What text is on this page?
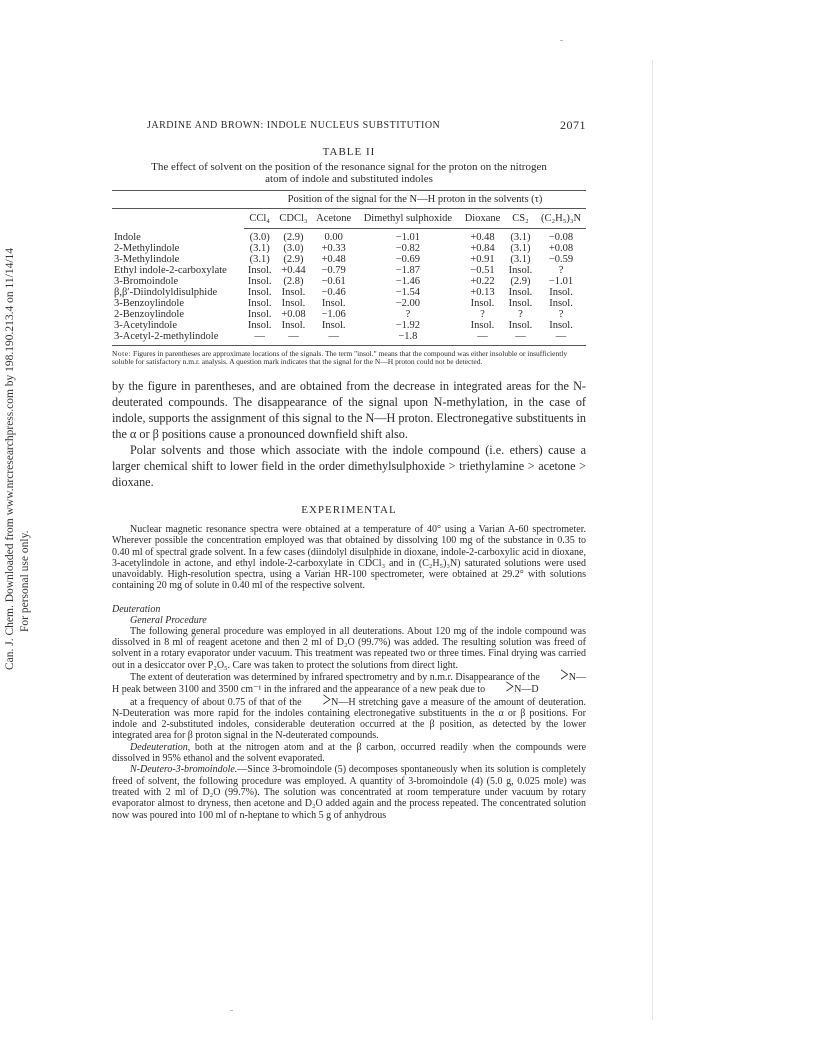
Can. J. Chem. Downloaded from www.nrcresearchpress.com by 198.190.213.4 on 11/14/14 For personal use only.
JARDINE AND BROWN: INDOLE NUCLEUS SUBSTITUTION	2071
TABLE II
The effect of solvent on the position of the resonance signal for the proton on the nitrogen atom of indole and substituted indoles
	Position of the signal for the N—H proton in the solvents (τ)						
	CCl₄	CDCl₃	Acetone	Dimethyl sulphoxide	Dioxane	CS₂	(C₂H₅)₃N
Indole	(3.0)	(2.9)	0.00	−1.01	+0.48	(3.1)	−0.08
2-Methylindole	(3.1)	(3.0)	+0.33	−0.82	+0.84	(3.1)	+0.08
3-Methylindole	(3.1)	(2.9)	+0.48	−0.69	+0.91	(3.1)	−0.59
Ethyl indole-2-carboxylate	Insol.	+0.44	−0.79	−1.87	−0.51	Insol.	?
3-Bromoindole	Insol.	(2.8)	−0.61	−1.46	+0.22	(2.9)	−1.01
β,β′-Diindolyldisulphide	Insol.	Insol.	−0.46	−1.54	+0.13	Insol.	Insol.
3-Benzoylindole	Insol.	Insol.	Insol.	−2.00	Insol.	Insol.	Insol.
2-Benzoylindole	Insol.	+0.08	−1.06	?	?	?	?
3-Acetylindole	Insol.	Insol.	Insol.	−1.92	Insol.	Insol.	Insol.
3-Acetyl-2-methylindole	—	—	—	−1.8	—	—	—
Note: Figures in parentheses are approximate locations of the signals. The term "insol." means that the compound was either insoluble or insufficiently soluble for satisfactory n.m.r. analysis. A question mark indicates that the signal for the N—H proton could not be detected.

by the figure in parentheses, and are obtained from the decrease in integrated areas for the N-deuterated compounds. The disappearance of the signal upon N-methylation, in the case of indole, supports the assignment of this signal to the N—H proton. Electronegative substituents in the α or β positions cause a pronounced downfield shift also.

Polar solvents and those which associate with the indole compound (i.e. ethers) cause a larger chemical shift to lower field in the order dimethylsulphoxide > triethylamine > acetone > dioxane.

EXPERIMENTAL

Nuclear magnetic resonance spectra were obtained at a temperature of 40° using a Varian A-60 spectrometer. Wherever possible the concentration employed was that obtained by dissolving 100 mg of the substance in 0.35 to 0.40 ml of spectral grade solvent. In a few cases (diindolyl disulphide in dioxane, indole-2-carboxylic acid in dioxane, 3-acetylindole in actone, and ethyl indole-2-carboxylate in CDCl₃ and in (C₂H₅)₃N) saturated solutions were used unavoidably. High-resolution spectra, using a Varian HR-100 spectrometer, were obtained at 29.2° with solutions containing 20 mg of solute in 0.40 ml of the respective solvent.

Deuteration
General Procedure

The following general procedure was employed in all deuterations. About 120 mg of the indole compound was dissolved in 8 ml of reagent acetone and then 2 ml of D₂O (99.7%) was added. The resulting solution was freed of solvent in a rotary evaporator under vacuum. This treatment was repeated two or three times. Final drying was carried out in a desiccator over P₂O₅. Care was taken to protect the solutions from direct light.

The extent of deuteration was determined by infrared spectrometry and by n.m.r. Disappearance of the >N—H peak between 3100 and 3500 cm⁻¹ in the infrared and the appearance of a new peak due to >N—D

at a frequency of about 0.75 of that of the >N—H stretching gave a measure of the amount of deuteration. N-Deuteration was more rapid for the indoles containing electronegative substituents in the α or β positions. For indole and 2-substituted indoles, considerable deuteration occurred at the β position, as detected by the lower integrated area for β proton signal in the N-deuterated compounds.

Dedeuteration, both at the nitrogen atom and at the β carbon, occurred readily when the compounds were dissolved in 95% ethanol and the solvent evaporated.

N-Deutero-3-bromoindole.—Since 3-bromoindole (5) decomposes spontaneously when its solution is completely freed of solvent, the following procedure was employed. A quantity of 3-bromoindole (4) (5.0 g, 0.025 mole) was treated with 2 ml of D₂O (99.7%). The solution was concentrated at room temperature under vacuum by rotary evaporator almost to dryness, then acetone and D₂O added again and the process repeated. The concentrated solution now was poured into 100 ml of n-heptane to which 5 g of anhydrous
